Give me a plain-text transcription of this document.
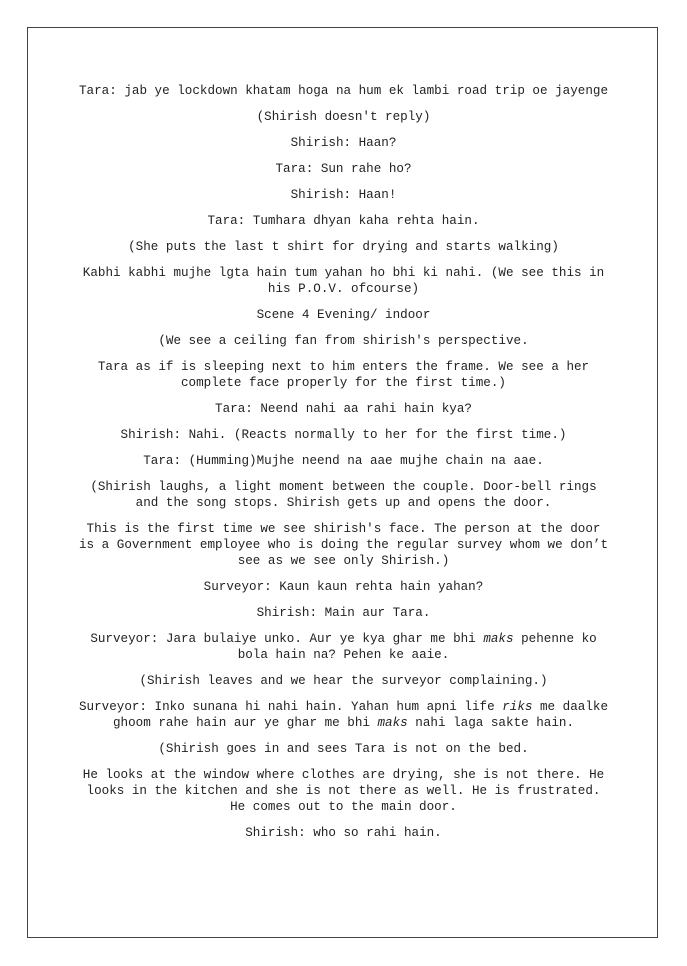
Tara: jab ye lockdown khatam hoga na hum ek lambi road trip oe jayenge

(Shirish doesn't reply)

Shirish: Haan?

Tara: Sun rahe ho?

Shirish: Haan!

Tara: Tumhara dhyan kaha rehta hain.

(She puts the last t shirt for drying and starts walking)

Kabhi kabhi mujhe lgta hain tum yahan ho bhi ki nahi. (We see this in his P.O.V. ofcourse)

Scene 4 Evening/ indoor

(We see a ceiling fan from shirish's perspective.

Tara as if is sleeping next to him enters the frame. We see a her complete face properly for the first time.)

Tara: Neend nahi aa rahi hain kya?

Shirish: Nahi. (Reacts normally to her for the first time.)

Tara: (Humming)Mujhe neend na aae mujhe chain na aae.

(Shirish laughs, a light moment between the couple. Door-bell rings and the song stops. Shirish gets up and opens the door.

This is the first time we see shirish's face. The person at the door is a Government employee who is doing the regular survey whom we don’t see as we see only Shirish.)

Surveyor: Kaun kaun rehta hain yahan?

Shirish: Main aur Tara.

Surveyor: Jara bulaiye unko. Aur ye kya ghar me bhi maks pehenne ko bola hain na? Pehen ke aaie.

(Shirish leaves and we hear the surveyor complaining.)

Surveyor: Inko sunana hi nahi hain. Yahan hum apni life riks me daalke ghoom rahe hain aur ye ghar me bhi maks nahi laga sakte hain.

(Shirish goes in and sees Tara is not on the bed.

He looks at the window where clothes are drying, she is not there. He looks in the kitchen and she is not there as well. He is frustrated. He comes out to the main door.

Shirish: who so rahi hain.
